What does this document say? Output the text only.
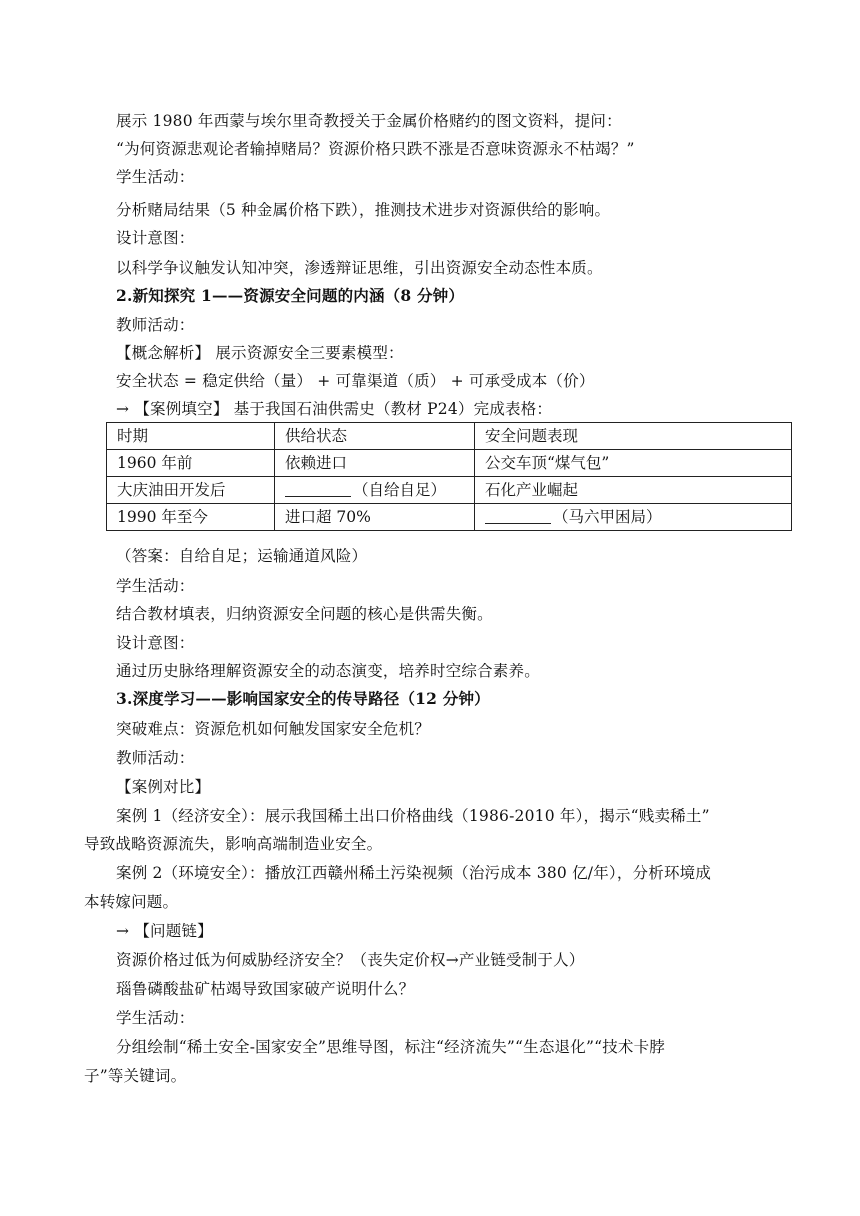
展示 1980 年西蒙与埃尔里奇教授关于金属价格赌约的图文资料，提问：
“为何资源悲观论者输掉赌局？资源价格只跌不涨是否意味资源永不枯竭？”
学生活动：
分析赌局结果（5 种金属价格下跌），推测技术进步对资源供给的影响。
设计意图：
以科学争议触发认知冲突，渗透辩证思维，引出资源安全动态性本质。
2.新知探究 1——资源安全问题的内涵（8 分钟）
教师活动：
【概念解析】 展示资源安全三要素模型：
安全状态 = 稳定供给（量） + 可靠渠道（质） + 可承受成本（价）
→ 【案例填空】 基于我国石油供需史（教材 P24）完成表格：
时期	供给状态	安全问题表现
1960 年前	依赖进口	公交车顶“煤气包”
大庆油田开发后	（自给自足）	石化产业崛起
1990 年至今	进口超 70%	（马六甲困局）
（答案：自给自足；运输通道风险）
学生活动：
结合教材填表，归纳资源安全问题的核心是供需失衡。
设计意图：
通过历史脉络理解资源安全的动态演变，培养时空综合素养。
3.深度学习——影响国家安全的传导路径（12 分钟）
突破难点：资源危机如何触发国家安全危机？
教师活动：
【案例对比】
案例 1（经济安全）：展示我国稀土出口价格曲线（1986-2010 年），揭示“贱卖稀土”
导致战略资源流失，影响高端制造业安全。
案例 2（环境安全）：播放江西赣州稀土污染视频（治污成本 380 亿/年），分析环境成
本转嫁问题。
→ 【问题链】
资源价格过低为何威胁经济安全？（丧失定价权→产业链受制于人）
瑙鲁磷酸盐矿枯竭导致国家破产说明什么？
学生活动：
分组绘制“稀土安全-国家安全”思维导图，标注“经济流失”“生态退化”“技术卡脖
子”等关键词。
